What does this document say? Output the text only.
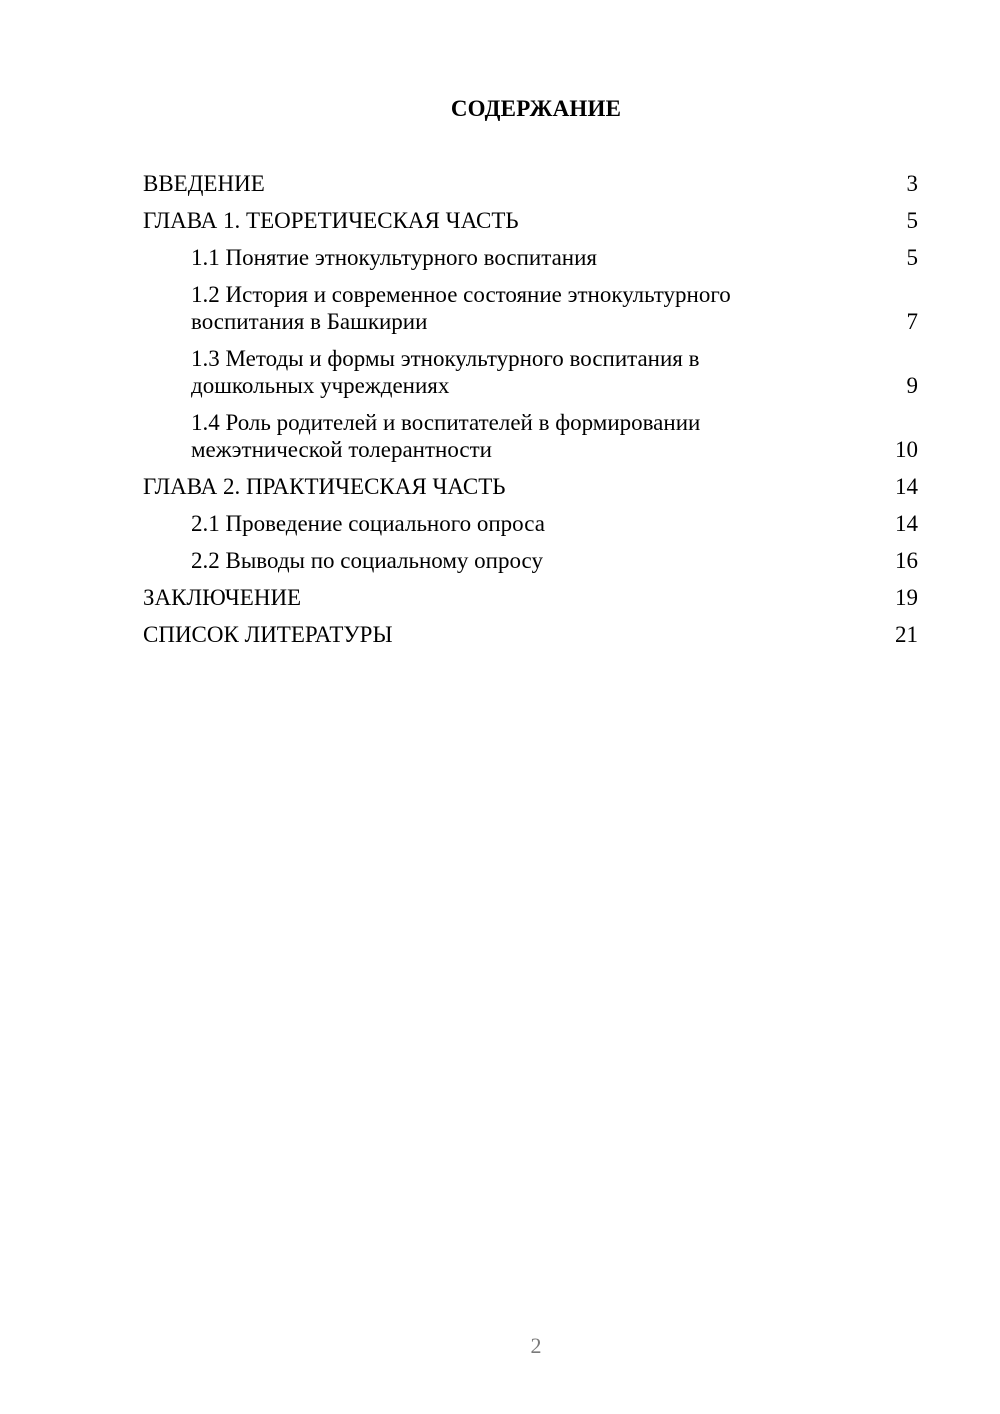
СОДЕРЖАНИЕ
ВВЕДЕНИЕ	3
ГЛАВА 1. ТЕОРЕТИЧЕСКАЯ ЧАСТЬ	5
1.1 Понятие этнокультурного воспитания	5
1.2 История и современное состояние этнокультурного воспитания в Башкирии	7
1.3 Методы и формы этнокультурного воспитания в дошкольных учреждениях	9
1.4 Роль родителей и воспитателей в формировании межэтнической толерантности	10
ГЛАВА 2. ПРАКТИЧЕСКАЯ ЧАСТЬ	14
2.1 Проведение социального опроса	14
2.2 Выводы по социальному опросу	16
ЗАКЛЮЧЕНИЕ	19
СПИСОК ЛИТЕРАТУРЫ	21
2
